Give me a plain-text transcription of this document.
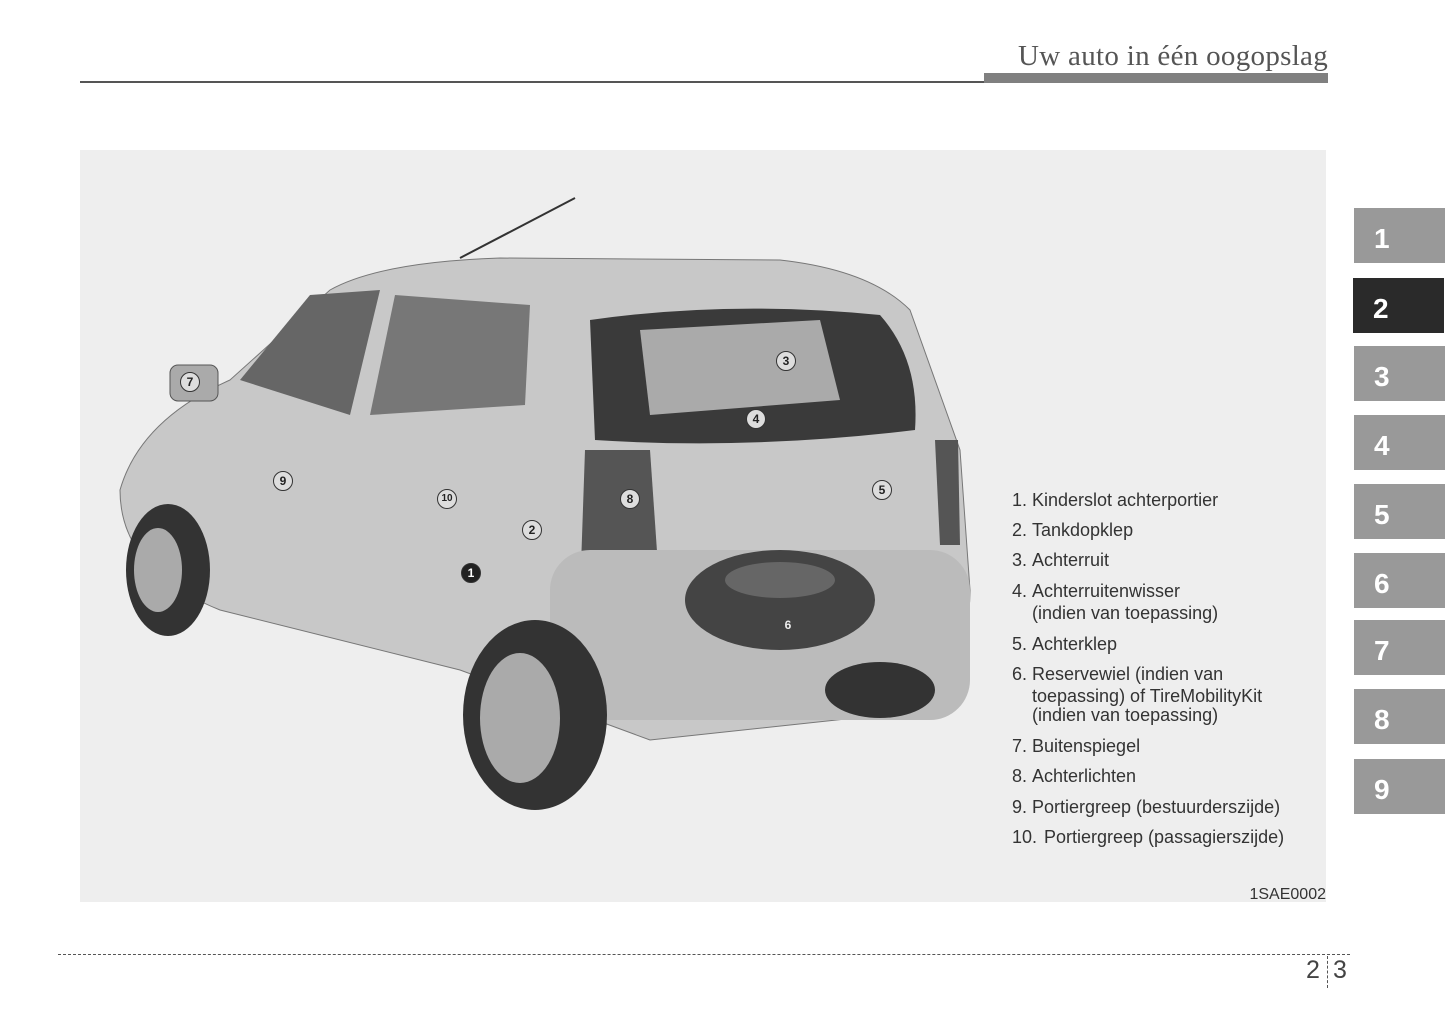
Uw auto in één oogopslag
1
2
3
4
5
6
7
8
9
10	1. Kinderslot achterportier
2. Tankdopklep
3. Achterruit
4. Achterruitenwisser
(indien van toepassing)
5. Achterklep
6. Reservewiel (indien van
toepassing) of TireMobilityKit
(indien van toepassing)
7. Buitenspiegel
8. Achterlichten
9. Portiergreep (bestuurderszijde)
10. Portiergreep (passagierszijde)
1SAE0002
1
2
3
4
5
6
7
8
9
2 3
